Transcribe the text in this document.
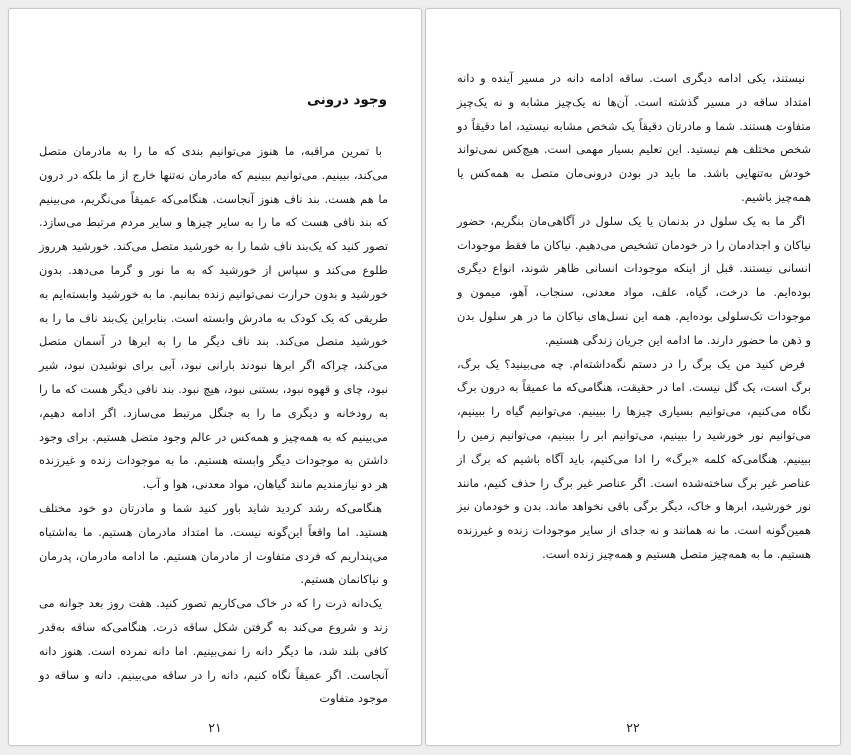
وجود درونی

با تمرین مراقبه، ما هنوز می‌توانیم بندی که ما را به مادرمان متصل می‌کند، ببینیم. می‌توانیم ببینیم که مادرمان نه‌تنها خارج از ما بلکه در درون ما هم هست. بند ناف هنوز آنجاست. هنگامی‌که عمیقاً می‌نگریم، می‌بینیم که بند نافی هست که ما را به سایر چیزها و سایر مردم مرتبط می‌سازد. تصور کنید که یک‌بند ناف شما را به خورشید متصل می‌کند. خورشید هرروز طلوع می‌کند و سپاس از خورشید که به ما نور و گرما می‌دهد. بدون خورشید و بدون حرارت نمی‌توانیم زنده بمانیم. ما به خورشید وابسته‌ایم به طریقی که یک کودک به مادرش وابسته است. بنابراین یک‌بند ناف ما را به خورشید متصل می‌کند. بند ناف دیگر ما را به ابرها در آسمان متصل می‌کند، چراکه اگر ابرها نبودند بارانی نبود، آبی برای نوشیدن نبود، شیر نبود، چای و قهوه نبود، بستنی نبود، هیچ نبود. بند نافی دیگر هست که ما را به رودخانه و دیگری ما را به جنگل مرتبط می‌سازد. اگر ادامه دهیم، می‌بینیم که به همه‌چیز و همه‌کس در عالم وجود متصل هستیم. برای وجود داشتن به موجودات دیگر وابسته هستیم. ما به موجودات زنده و غیرزنده هر دو نیازمندیم مانند گیاهان، مواد معدنی، هوا و آب.

هنگامی‌که رشد کردید شاید باور کنید شما و مادرتان دو خود مختلف هستید. اما واقعاً این‌گونه نیست. ما امتداد مادرمان هستیم. ما به‌اشتباه می‌پنداریم که فردی متفاوت از مادرمان هستیم. ما ادامه مادرمان، پدرمان و نیاکانمان هستیم.

یک‌دانه ذرت را که در خاک می‌کاریم تصور کنید. هفت روز بعد جوانه می زند و شروع می‌کند به گرفتن شکل ساقه ذرت. هنگامی‌که ساقه به‌قدر کافی بلند شد، ما دیگر دانه را نمی‌بینیم. اما دانه نمرده است. هنوز دانه آنجاست. اگر عمیقاً نگاه کنیم، دانه را در ساقه می‌بینیم. دانه و ساقه دو موجود متفاوت

۲۱

نیستند، یکی ادامه دیگری است. ساقه ادامه دانه در مسیر آینده و دانه امتداد ساقه در مسیر گذشته است. آن‌ها نه یک‌چیز مشابه و نه یک‌چیز متفاوت هستند. شما و مادرتان دقیقاً یک شخص مشابه نیستید، اما دقیقاً دو شخص مختلف هم نیستید. این تعلیم بسیار مهمی است. هیچ‌کس نمی‌تواند خودش به‌تنهایی باشد. ما باید در بودن درونی‌مان متصل به همه‌کس یا همه‌چیز باشیم.

اگر ما به یک سلول در بدنمان یا یک سلول در آگاهی‌مان بنگریم، حضور نیاکان و اجدادمان را در خودمان تشخیص می‌دهیم. نیاکان ما فقط موجودات انسانی نیستند. قبل از اینکه موجودات انسانی ظاهر شوند، انواع دیگری بوده‌ایم. ما درخت، گیاه، علف، مواد معدنی، سنجاب، آهو، میمون و موجودات تک‌سلولی بوده‌ایم. همه این نسل‌های نیاکان ما در هر سلول بدن و ذهن ما حضور دارند. ما ادامه این جریان زندگی هستیم.

فرض کنید من یک برگ را در دستم نگه‌داشته‌ام. چه می‌بینید؟ یک برگ، برگ است، یک گل نیست. اما در حقیقت، هنگامی‌که ما عمیقاً به درون برگ نگاه می‌کنیم، می‌توانیم بسیاری چیزها را ببینیم. می‌توانیم گیاه را ببینیم، می‌توانیم نور خورشید را ببینیم، می‌توانیم ابر را ببینیم، می‌توانیم زمین را ببینیم. هنگامی‌که کلمه «برگ» را ادا می‌کنیم، باید آگاه باشیم که برگ از عناصر غیر برگ ساخته‌شده است. اگر عناصر غیر برگ را حذف کنیم، مانند نور خورشید، ابرها و خاک، دیگر برگی باقی نخواهد ماند. بدن و خودمان نیز همین‌گونه است. ما نه همانند و نه جدای از سایر موجودات زنده و غیرزنده هستیم. ما به همه‌چیز متصل هستیم و همه‌چیز زنده است.

۲۲
